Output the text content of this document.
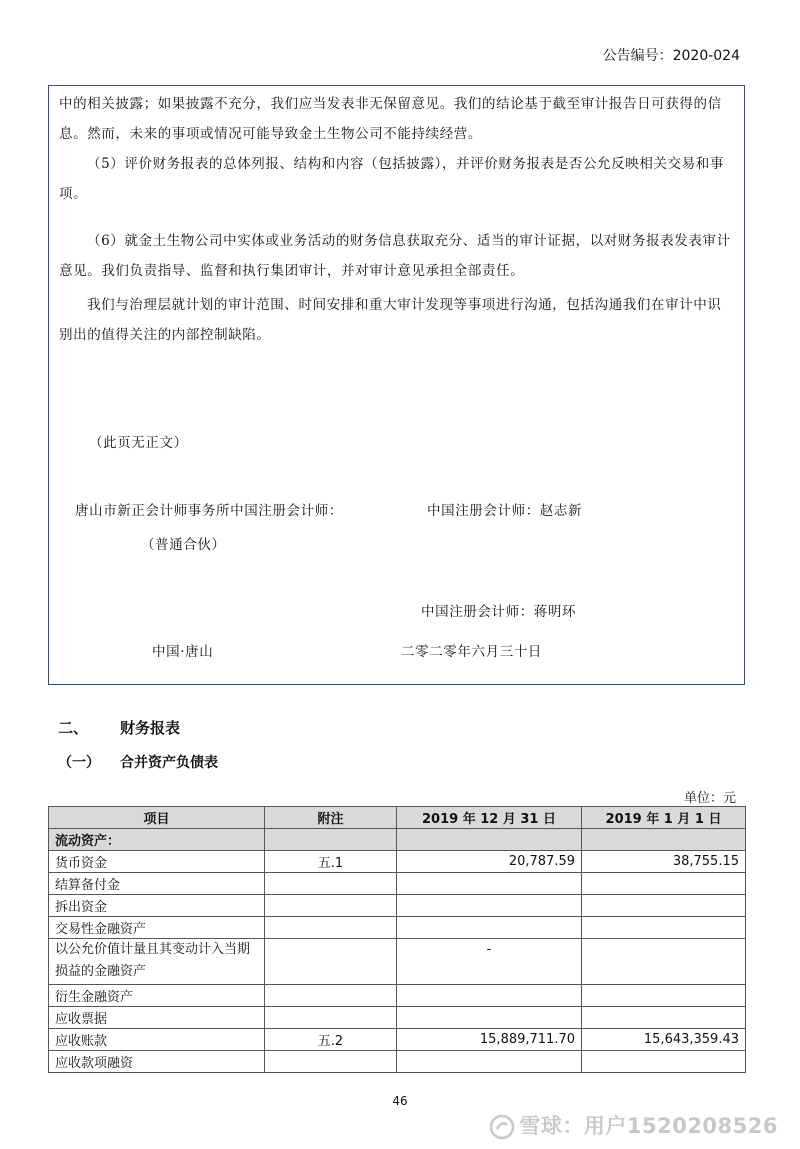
公告编号：2020-024
中的相关披露；如果披露不充分，我们应当发表非无保留意见。我们的结论基于截至审计报告日可获得的信息。然而，未来的事项或情况可能导致金土生物公司不能持续经营。
（5）评价财务报表的总体列报、结构和内容（包括披露），并评价财务报表是否公允反映相关交易和事项。
（6）就金土生物公司中实体或业务活动的财务信息获取充分、适当的审计证据，以对财务报表发表审计意见。我们负责指导、监督和执行集团审计，并对审计意见承担全部责任。
我们与治理层就计划的审计范围、时间安排和重大审计发现等事项进行沟通，包括沟通我们在审计中识别出的值得关注的内部控制缺陷。
（此页无正文）
唐山市新正会计师事务所中国注册会计师：	中国注册会计师：赵志新
（普通合伙）
中国注册会计师：蒋明环
中国·唐山	二零二零年六月三十日
二、 财务报表
（一） 合并资产负债表
单位：元
项目	附注	2019 年 12 月 31 日	2019 年 1 月 1 日
流动资产：			
货币资金	五.1	20,787.59	38,755.15
结算备付金			
拆出资金			
交易性金融资产			
以公允价值计量且其变动计入当期损益的金融资产		-	
衍生金融资产			
应收票据			
应收账款	五.2	15,889,711.70	15,643,359.43
应收款项融资			
46
雪球：用户1520208526
